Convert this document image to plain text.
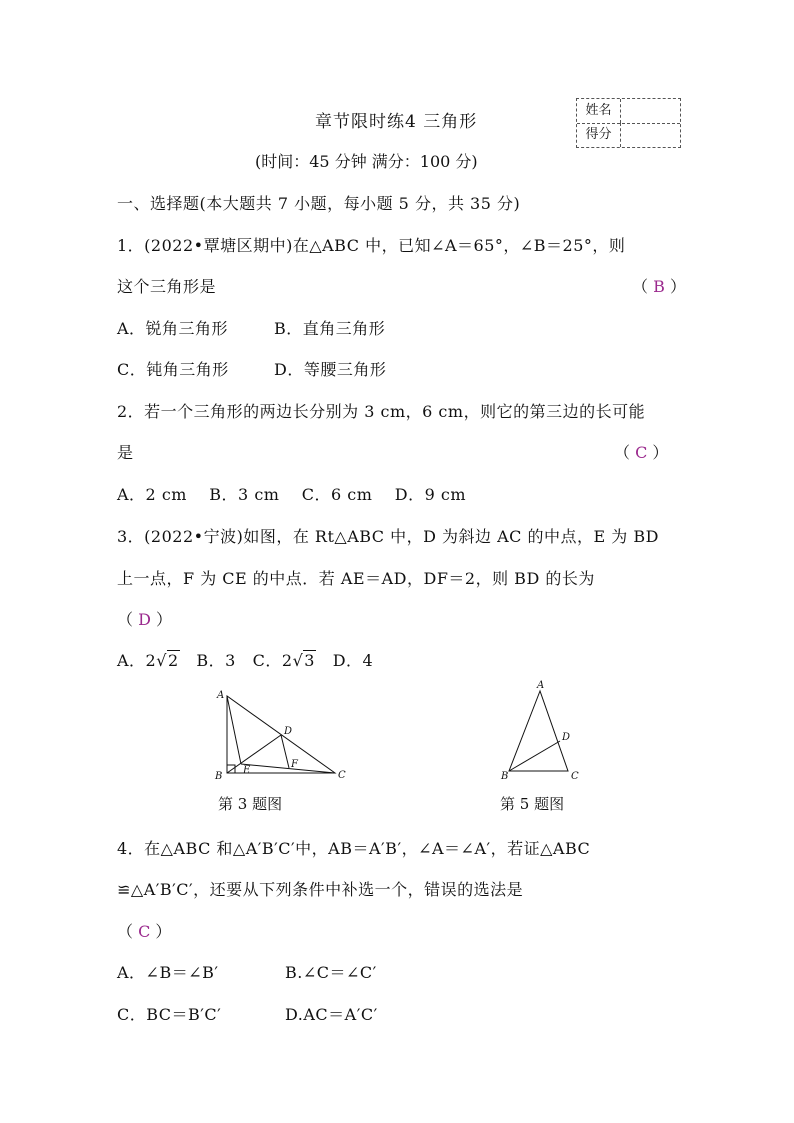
章节限时练4 三角形
姓名
得分
(时间：45 分钟 满分：100 分)
一、选择题(本大题共 7 小题，每小题 5 分，共 35 分)
1．(2022•覃塘区期中)在△ABC 中，已知∠A＝65°，∠B＝25°，则
这个三角形是	（ B ）
A．锐角三角形	B．直角三角形
C．钝角三角形	D．等腰三角形
2．若一个三角形的两边长分别为 3 cm，6 cm，则它的第三边的长可能
是	（ C ）
A．2 cm    B．3 cm    C．6 cm    D．9 cm
3．(2022•宁波)如图，在 Rt△ABC 中，D 为斜边 AC 的中点，E 为 BD
上一点，F 为 CE 的中点．若 AE＝AD，DF＝2，则 BD 的长为
（ D ）
A．2√2 B．3 C．2√3 D．4
A
B	C
D
E
F
第 3 题图
A
B	C
D
第 5 题图
4．在△ABC 和△A′B′C′中，AB＝A′B′，∠A＝∠A′，若证△ABC
≌△A′B′C′，还要从下列条件中补选一个，错误的选法是
（ C ）
A．∠B＝∠B′	B.∠C＝∠C′
C．BC＝B′C′	D.AC＝A′C′
